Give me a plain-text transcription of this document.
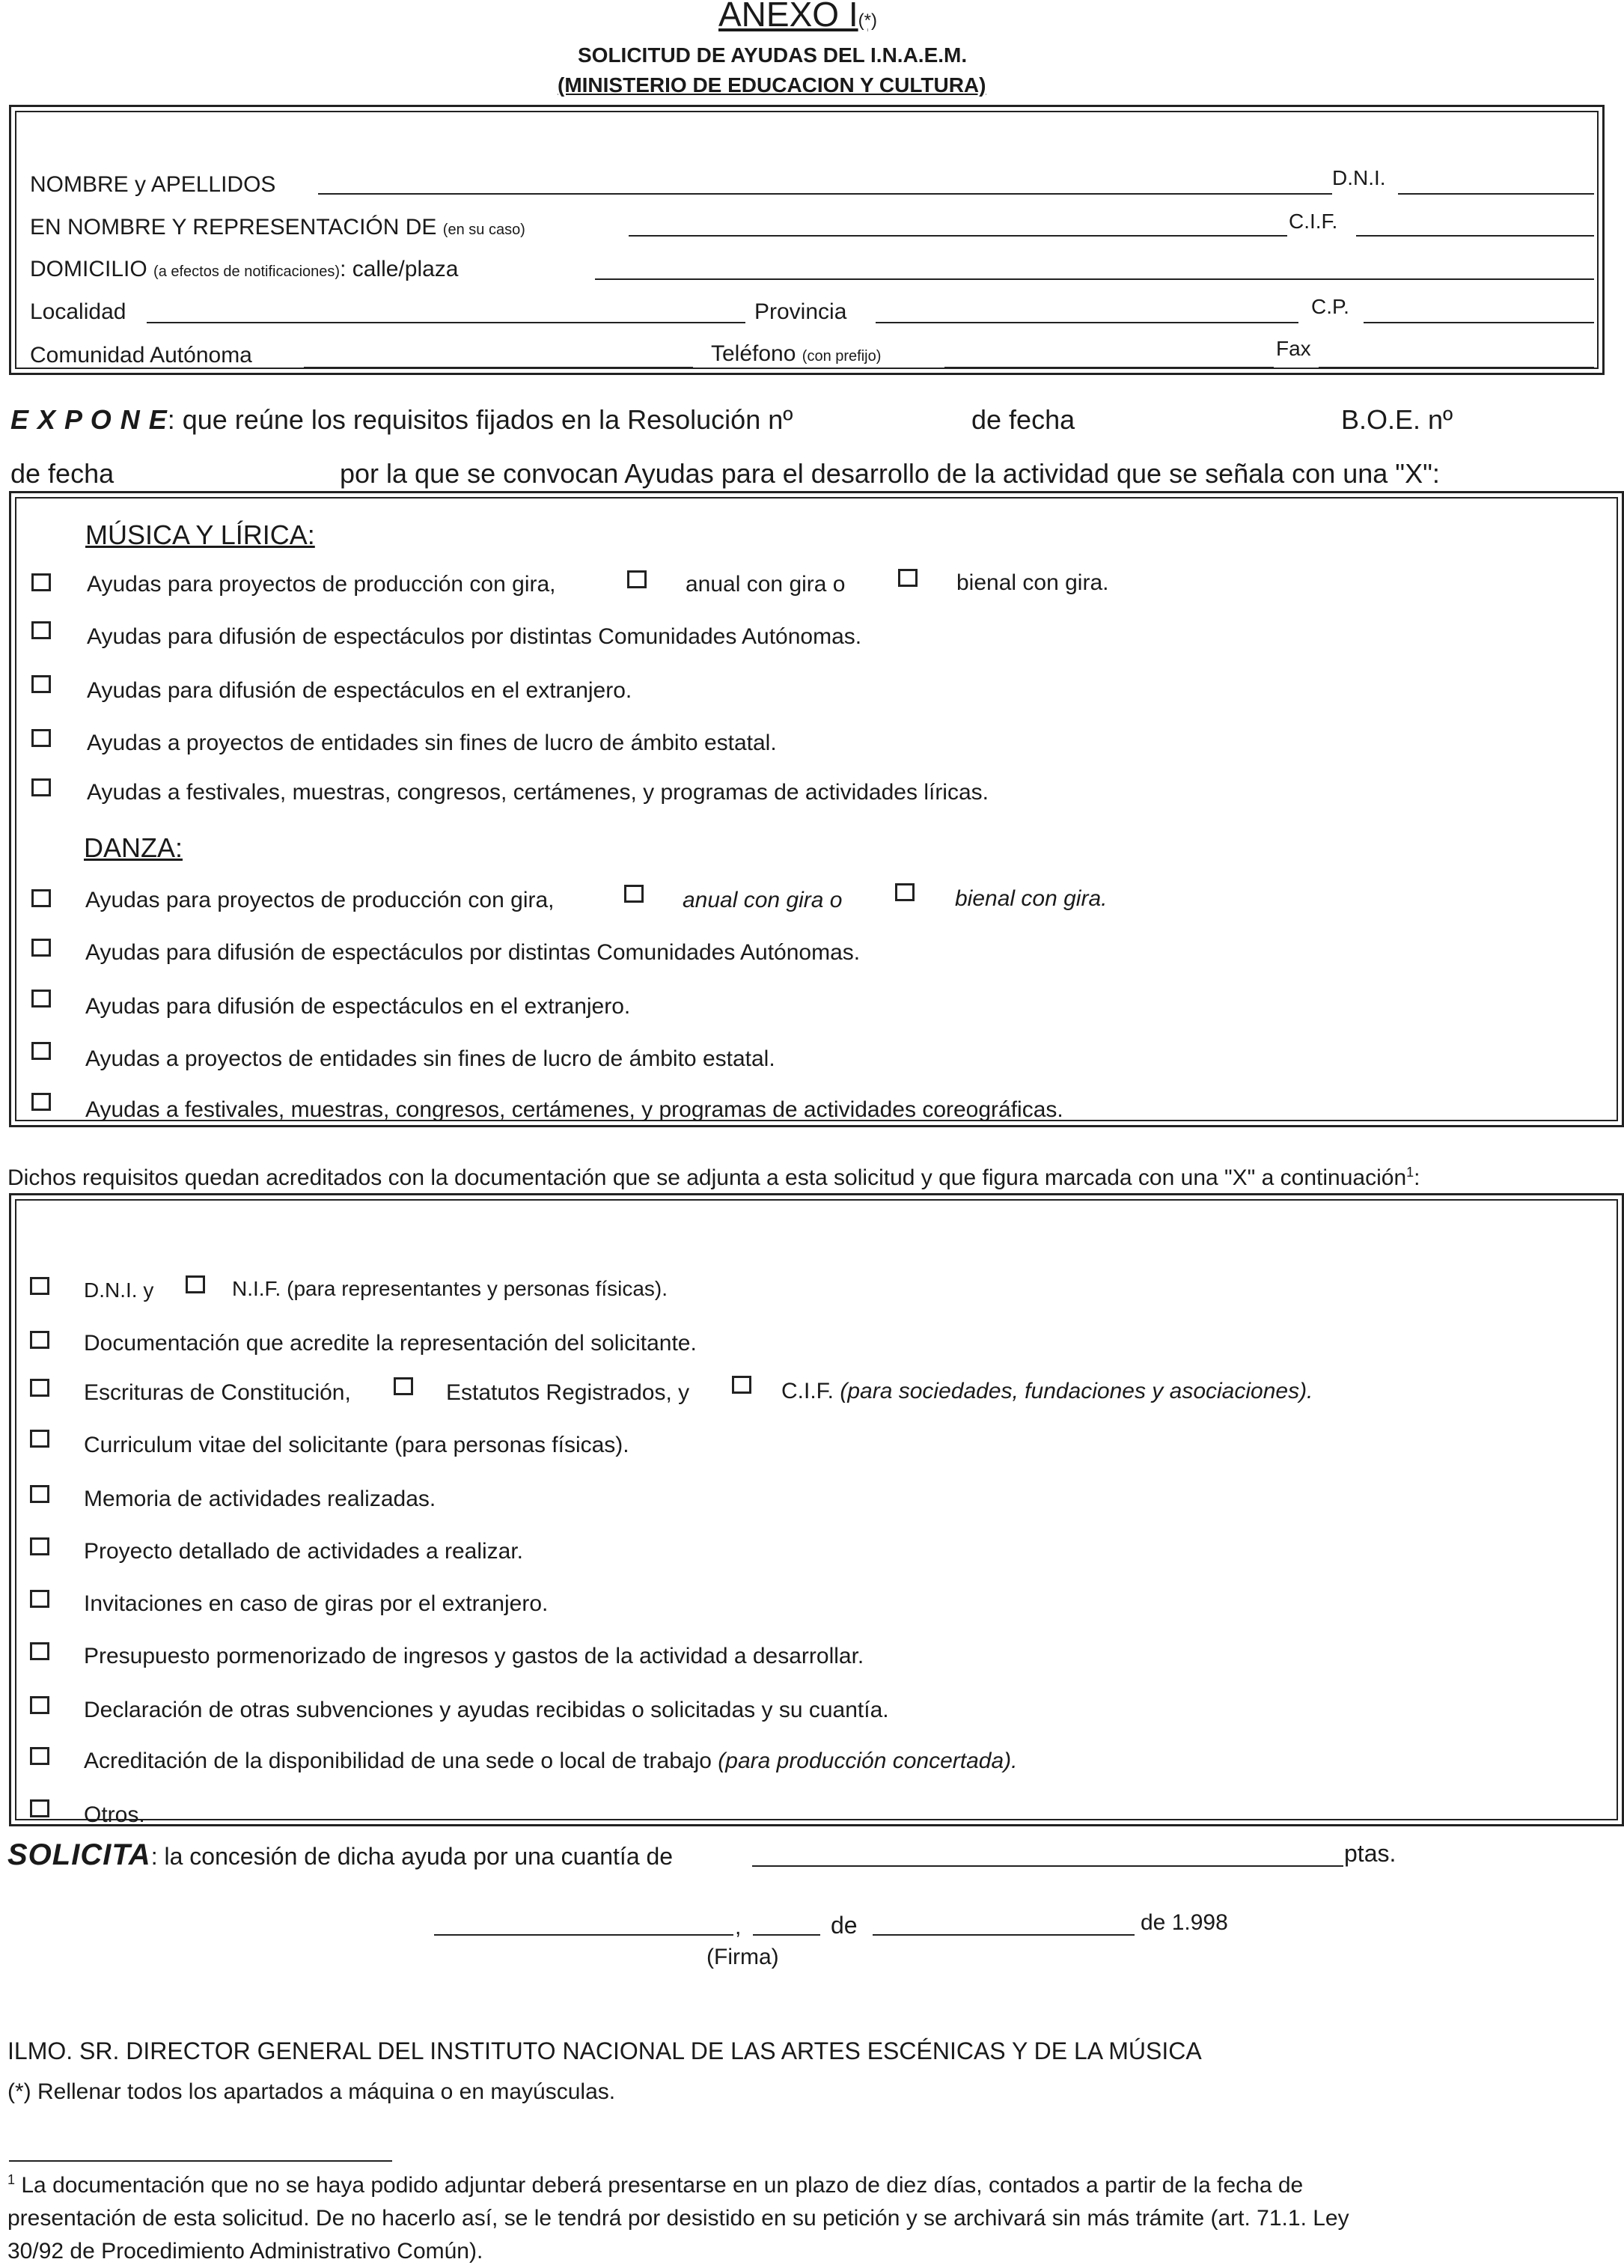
ANEXO I(*)
SOLICITUD DE AYUDAS DEL I.N.A.E.M.
(MINISTERIO DE EDUCACION Y CULTURA)
NOMBRE y APELLIDOS	D.N.I.
EN NOMBRE Y REPRESENTACIÓN DE (en su caso)	C.I.F.
DOMICILIO (a efectos de notificaciones): calle/plaza
Localidad	Provincia	C.P.
Comunidad Autónoma	Teléfono (con prefijo)	Fax
E X P O N E: que reúne los requisitos fijados en la Resolución nº	de fecha	B.O.E. nº
de fecha	por la que se convocan Ayudas para el desarrollo de la actividad que se señala con una "X":
MÚSICA Y LÍRICA:
Ayudas para proyectos de producción con gira,	anual con gira o	bienal con gira.
Ayudas para difusión de espectáculos por distintas Comunidades Autónomas.
Ayudas para difusión de espectáculos en el extranjero.
Ayudas a proyectos de entidades sin fines de lucro de ámbito estatal.
Ayudas a festivales, muestras, congresos, certámenes, y programas de actividades líricas.
DANZA:
Ayudas para proyectos de producción con gira,	anual con gira o	bienal con gira.
Ayudas para difusión de espectáculos por distintas Comunidades Autónomas.
Ayudas para difusión de espectáculos en el extranjero.
Ayudas a proyectos de entidades sin fines de lucro de ámbito estatal.
Ayudas a festivales, muestras, congresos, certámenes, y programas de actividades coreográficas.
Dichos requisitos quedan acreditados con la documentación que se adjunta a esta solicitud y que figura marcada con una "X" a continuación$^1$:
D.N.I. y	N.I.F. (para representantes y personas físicas).
Documentación que acredite la representación del solicitante.
Escrituras de Constitución,	Estatutos Registrados, y	C.I.F. (para sociedades, fundaciones y asociaciones).
Curriculum vitae del solicitante (para personas físicas).
Memoria de actividades realizadas.
Proyecto detallado de actividades a realizar.
Invitaciones en caso de giras por el extranjero.
Presupuesto pormenorizado de ingresos y gastos de la actividad a desarrollar.
Declaración de otras subvenciones y ayudas recibidas o solicitadas y su cuantía.
Acreditación de la disponibilidad de una sede o local de trabajo (para producción concertada).
Otros.
SOLICITA: la concesión de dicha ayuda por una cuantía de	ptas.
,	de	de 1.998
(Firma)
ILMO. SR. DIRECTOR GENERAL DEL INSTITUTO NACIONAL DE LAS ARTES ESCÉNICAS Y DE LA MÚSICA
(*) Rellenar todos los apartados a máquina o en mayúsculas.
$^1$ La documentación que no se haya podido adjuntar deberá presentarse en un plazo de diez días, contados a partir de la fecha de
presentación de esta solicitud. De no hacerlo así, se le tendrá por desistido en su petición y se archivará sin más trámite (art. 71.1. Ley
30/92 de Procedimiento Administrativo Común).
